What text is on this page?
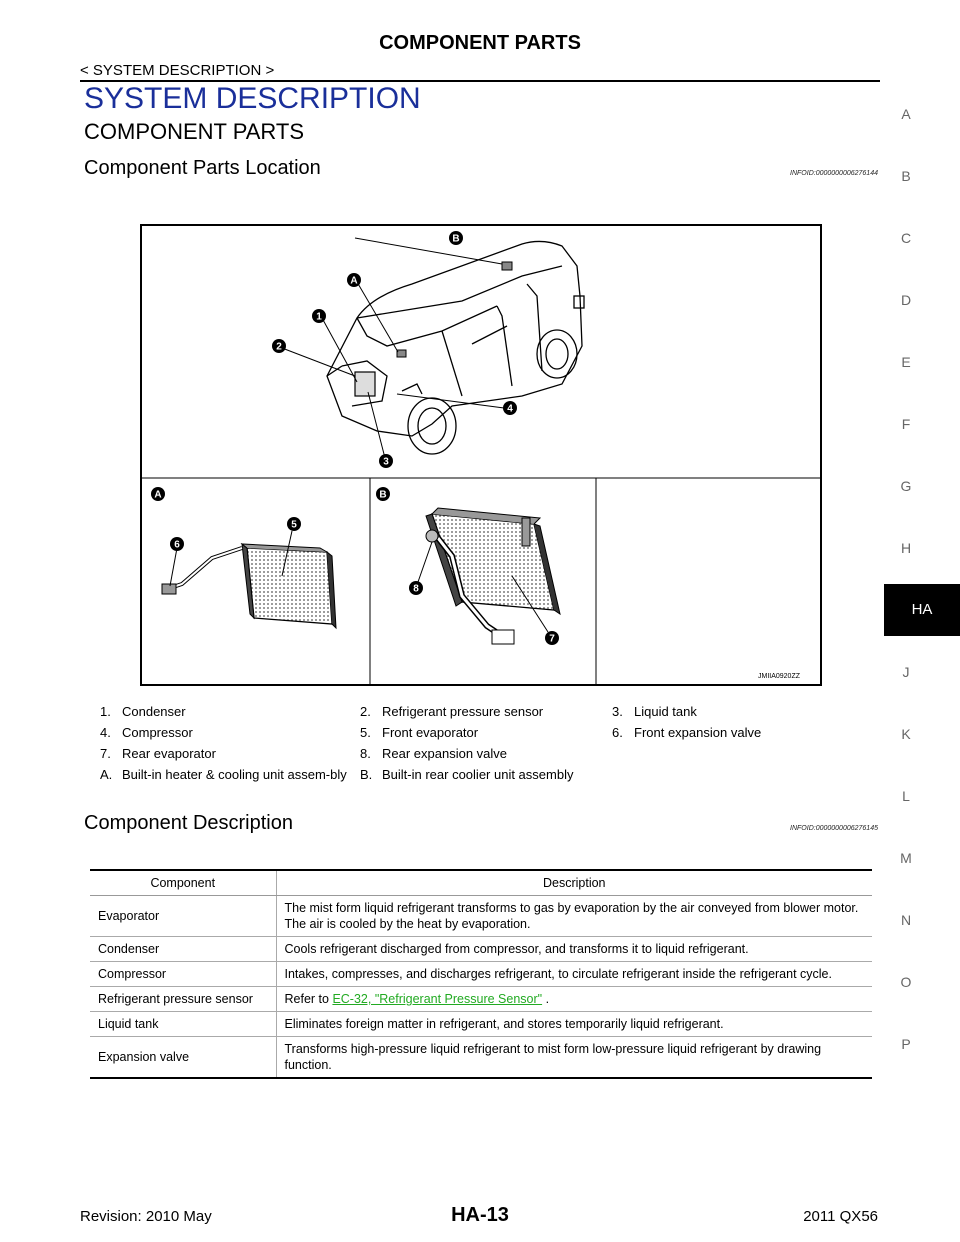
COMPONENT PARTS
< SYSTEM DESCRIPTION >
SYSTEM DESCRIPTION
COMPONENT PARTS
Component Parts Location	INFOID:0000000006276144
A
B
C
D
E
F
G
H
HA
J
K
L
M
N
O
P
B
A
1
2
4
3
A
5
6
B
8
7
JMIIA0920ZZ
1. Condenser	2. Refrigerant pressure sensor	3. Liquid tank
4. Compressor	5. Front evaporator	6. Front expansion valve
7. Rear evaporator	8. Rear expansion valve
A. Built-in heater & cooling unit assem-bly B. Built-in rear coolier unit assembly
Component Description	INFOID:0000000006276145
Component	Description
Evaporator	The mist form liquid refrigerant transforms to gas by evaporation by the air conveyed from blower motor. The air is cooled by the heat by evaporation.
Condenser	Cools refrigerant discharged from compressor, and transforms it to liquid refrigerant.
Compressor	Intakes, compresses, and discharges refrigerant, to circulate refrigerant inside the refrigerant cycle.
Refrigerant pressure sensor	Refer to EC-32, "Refrigerant Pressure Sensor" .
Liquid tank	Eliminates foreign matter in refrigerant, and stores temporarily liquid refrigerant.
Expansion valve	Transforms high-pressure liquid refrigerant to mist form low-pressure liquid refrigerant by drawing function.
Revision: 2010 May	HA-13	2011 QX56
